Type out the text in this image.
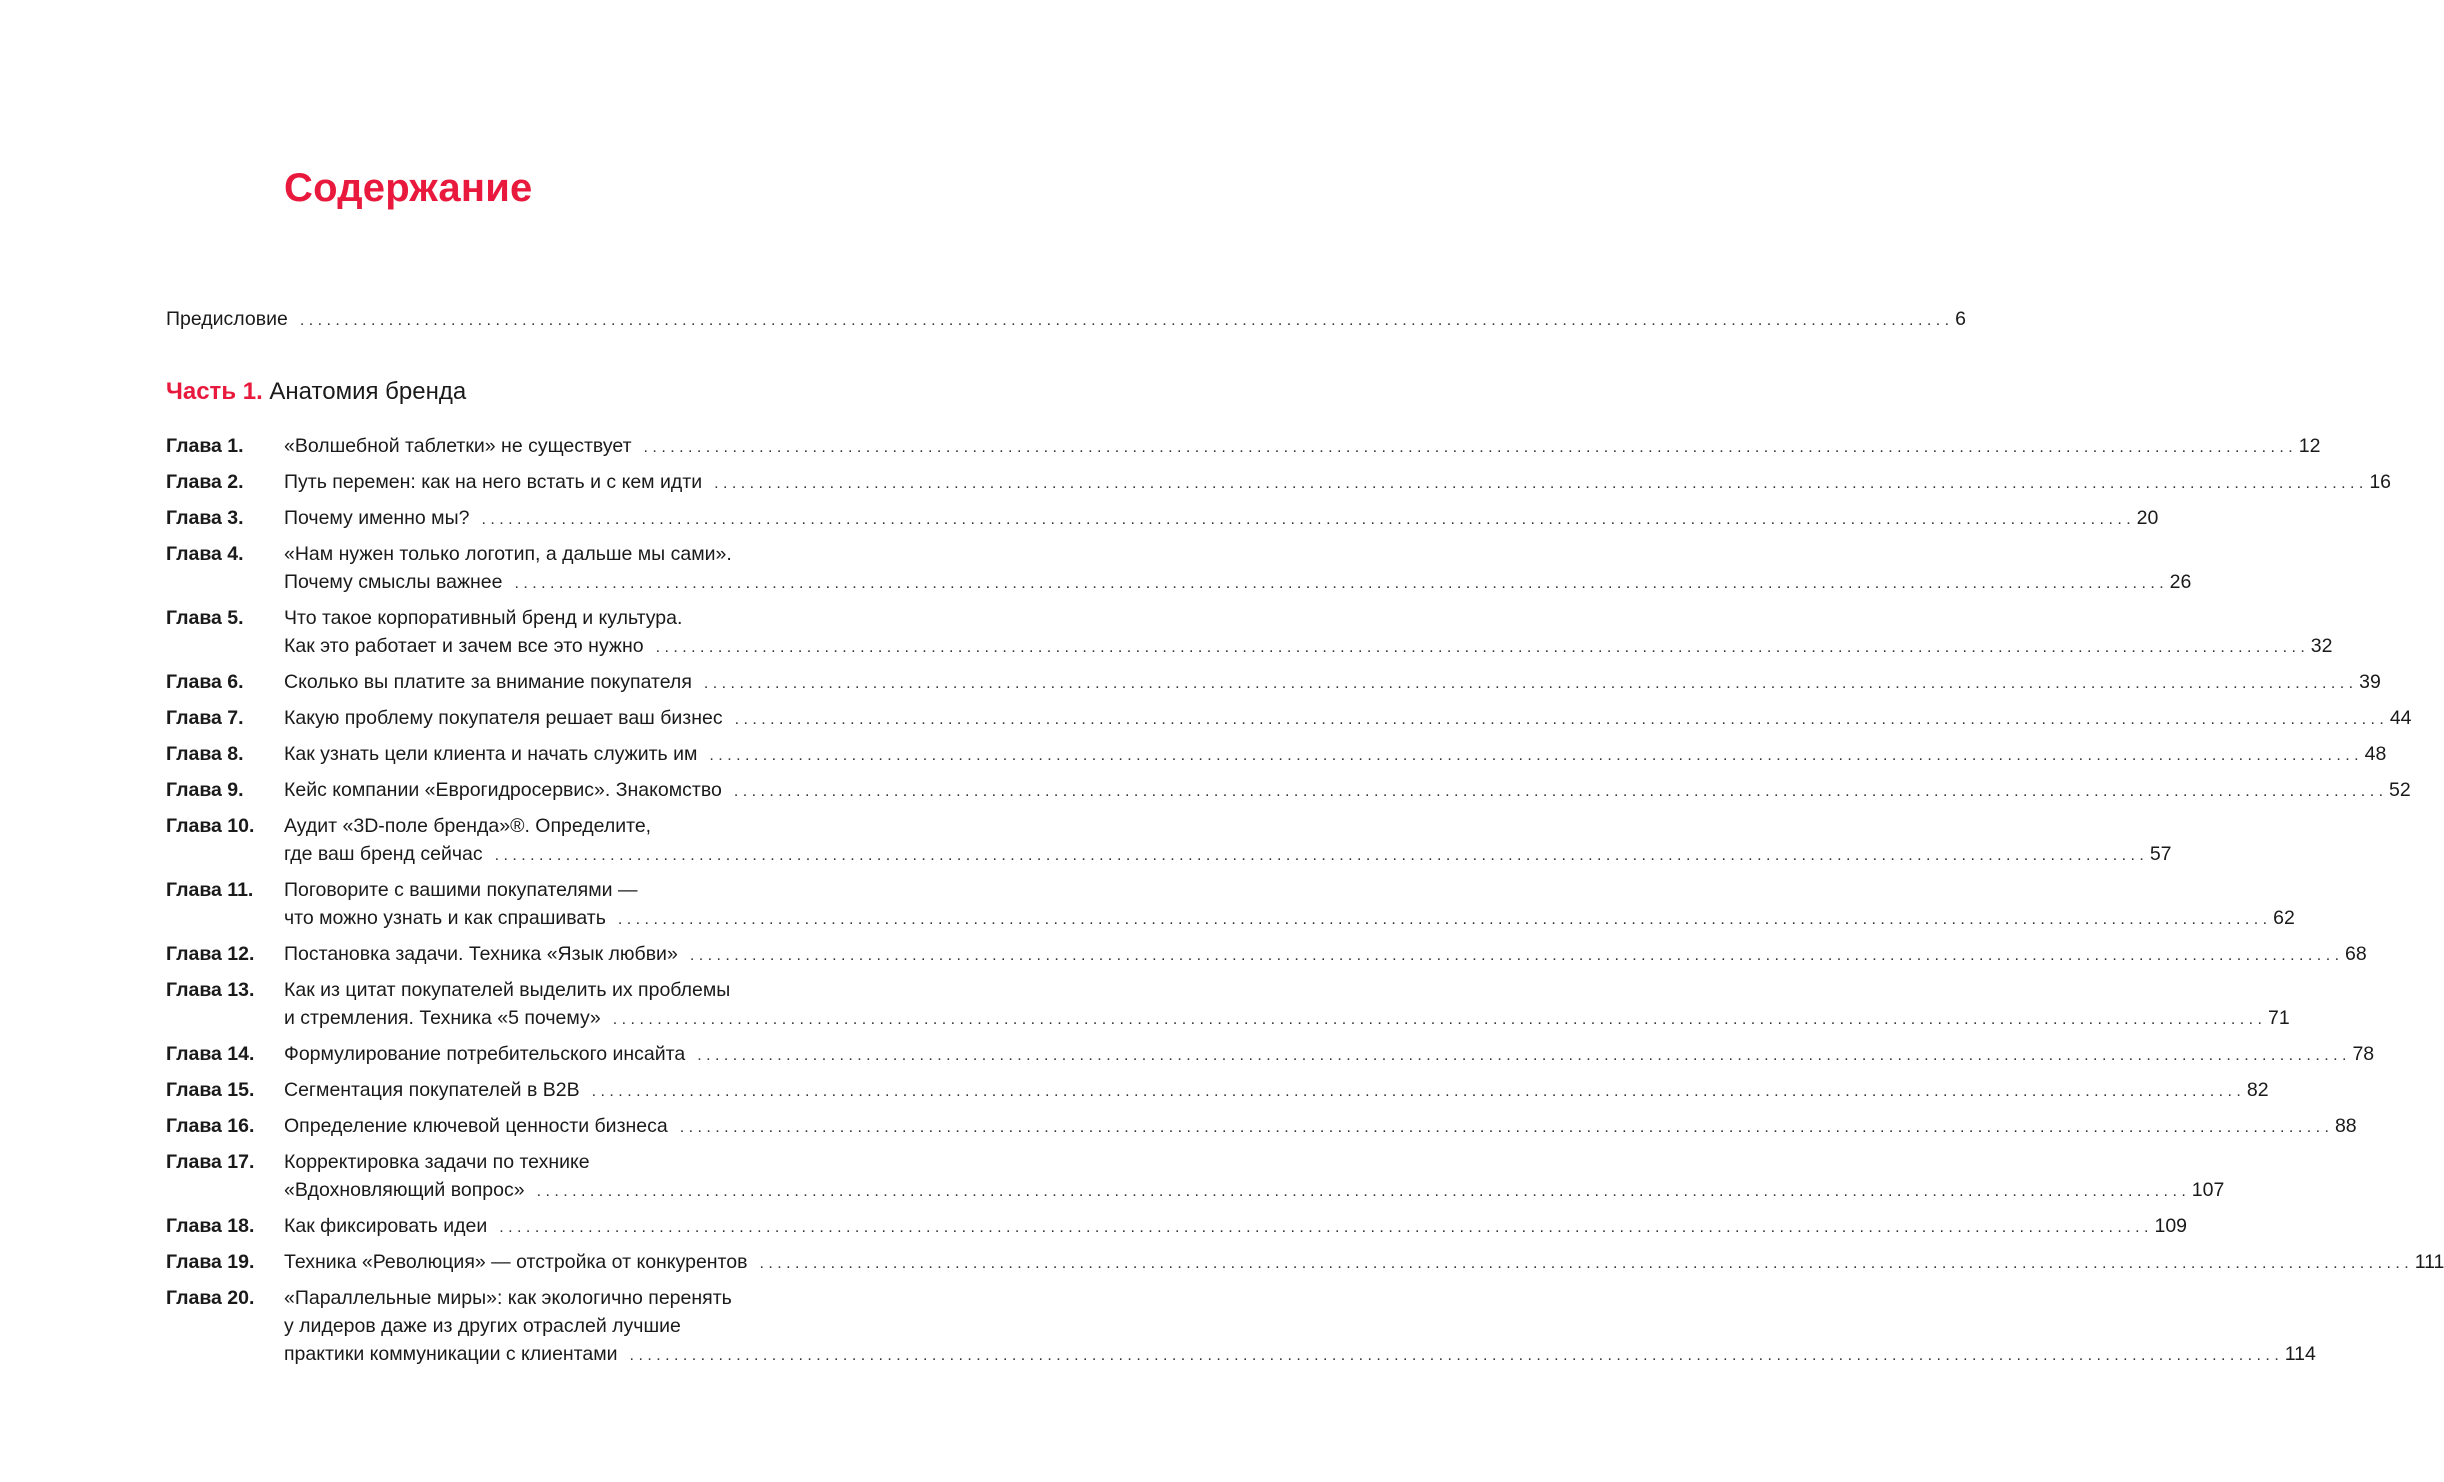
Содержание
Предисловие . . .	6
Часть 1. Анатомия бренда
Глава 1.	«Волшебной таблетки» не существует . . .	12
Глава 2.	Путь перемен: как на него встать и с кем идти . . .	16
Глава 3.	Почему именно мы? . . .	20
Глава 4.	«Нам нужен только логотип, а дальше мы сами».
Почему смыслы важнее . . .	26
Глава 5.	Что такое корпоративный бренд и культура.
Как это работает и зачем все это нужно . . .	32
Глава 6.	Сколько вы платите за внимание покупателя . . .	39
Глава 7.	Какую проблему покупателя решает ваш бизнес . . .	44
Глава 8.	Как узнать цели клиента и начать служить им . . .	48
Глава 9.	Кейс компании «Еврогидросервис». Знакомство . . .	52
Глава 10.	Аудит «3D-поле бренда»®. Определите,
где ваш бренд сейчас . . .	57
Глава 11.	Поговорите с вашими покупателями —
что можно узнать и как спрашивать . . .	62
Глава 12.	Постановка задачи. Техника «Язык любви» . . .	68
Глава 13.	Как из цитат покупателей выделить их проблемы
и стремления. Техника «5 почему» . . .	71
Глава 14.	Формулирование потребительского инсайта . . .	78
Глава 15.	Сегментация покупателей в B2B . . .	82
Глава 16.	Определение ключевой ценности бизнеса . . .	88
Глава 17.	Корректировка задачи по технике
«Вдохновляющий вопрос» . . .	107
Глава 18.	Как фиксировать идеи . . .	109
Глава 19.	Техника «Революция» — отстройка от конкурентов . . .	111
Глава 20.	«Параллельные миры»: как экологично перенять
у лидеров даже из других отраслей лучшие
практики коммуникации с клиентами . . .	114
